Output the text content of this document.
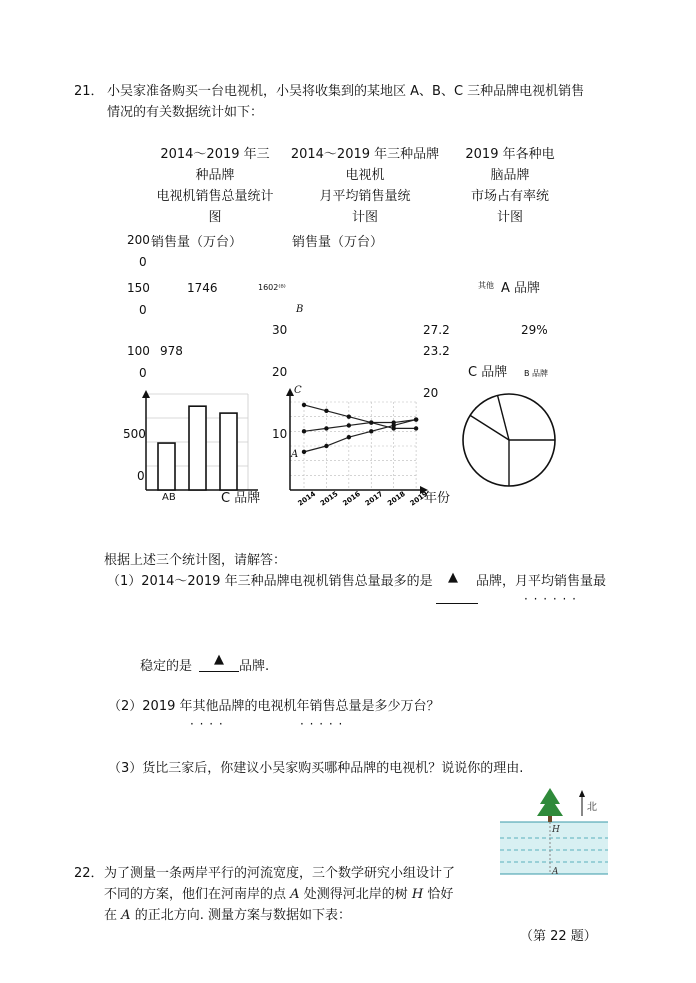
21． 小吴家准备购买一台电视机，小吴将收集到的某地区 A、B、C 三种品牌电视机销售
情况的有关数据统计如下：
2014～2019 年三
种品牌
电视机销售总量统计
图
2014～2019 年三种品牌
电视机
月平均销售量统
计图
2019 年各种电
脑品牌
市场占有率统
计图
销售量（万台）	销售量（万台）
200
0
150
0
100
0
500
0
1746
978
1602⁽ᴮ⁾
B
30
20
C
10
A
27.2
23.2
20
其他 A 品牌
29%
C 品牌 B 品牌
AB	C 品牌	2014 2015 2016 2017 2018 2019
年份
根据上述三个统计图，请解答：
（1）2014～2019 年三种品牌电视机销售总量最多的是 ▲ 品牌，月平均销售量最
· · · · · ·
稳定的是	▲	品牌.
（2）2019 年其他品牌的电视机年销售总量是多少万台？
· · · ·	· · · · ·
（3）货比三家后，你建议小吴家购买哪种品牌的电视机？说说你的理由.
22． 为了测量一条两岸平行的河流宽度，三个数学研究小组设计了
不同的方案，他们在河南岸的点 A 处测得河北岸的树 H 恰好
在 A 的正北方向. 测量方案与数据如下表：
（第 22 题）
北
H
A
